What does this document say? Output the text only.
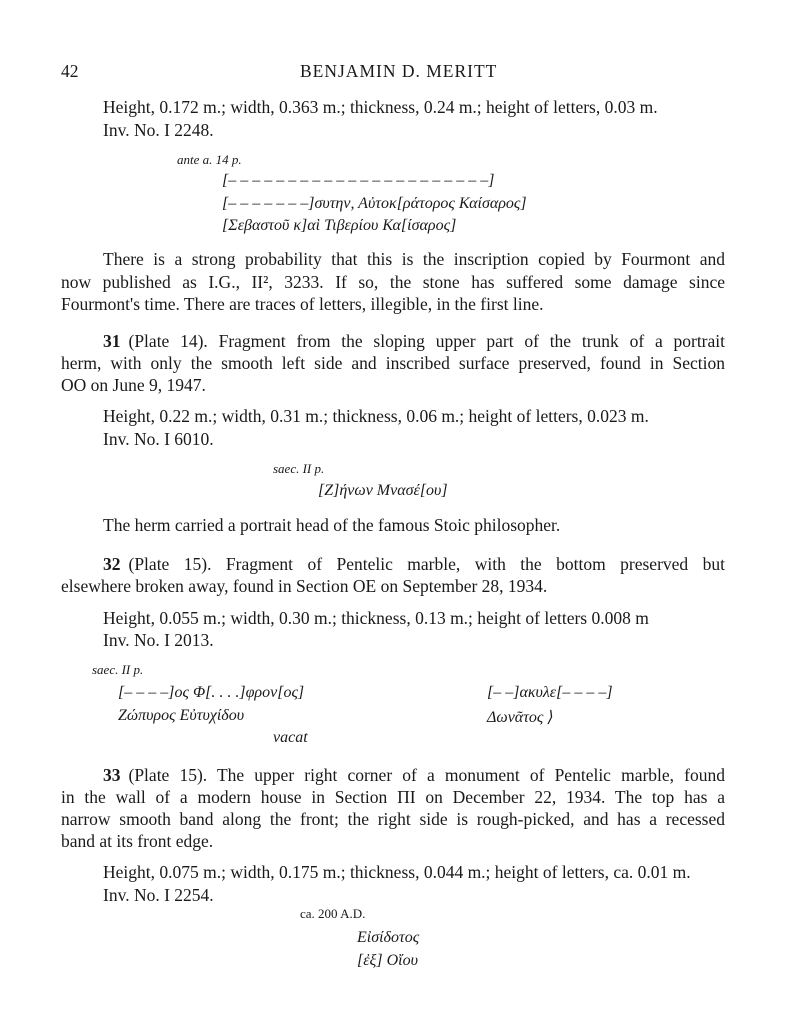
42	BENJAMIN D. MERITT
Height, 0.172 m.; width, 0.363 m.; thickness, 0.24 m.; height of letters, 0.03 m.
Inv. No. I 2248.
ante a. 14 p.
[– – – – – – – – – – – – – – – – – – – – – –]
[– – – – – – –]συτην, Αὐτοκ[ράτορος Καίσαρος]
[Σεβαστοῦ κ]αὶ Τιβερίου Κα[ίσαρος]
There is a strong probability that this is the inscription copied by Fourmont and
now published as I.G., II², 3233. If so, the stone has suffered some damage since
Fourmont's time. There are traces of letters, illegible, in the first line.
31 (Plate 14). Fragment from the sloping upper part of the trunk of a portrait
herm, with only the smooth left side and inscribed surface preserved, found in Section
OO on June 9, 1947.
Height, 0.22 m.; width, 0.31 m.; thickness, 0.06 m.; height of letters, 0.023 m.
Inv. No. I 6010.
saec. II p.
[Ζ]ήνων Μνασέ[ου]
The herm carried a portrait head of the famous Stoic philosopher.
32 (Plate 15). Fragment of Pentelic marble, with the bottom preserved but
elsewhere broken away, found in Section OE on September 28, 1934.
Height, 0.055 m.; width, 0.30 m.; thickness, 0.13 m.; height of letters 0.008 m
Inv. No. I 2013.
saec. II p.
[– – – –]ος Φ[. . . .]φρον[ος]
Ζώπυρος Εὐτυχίδου
[– –]ακυλε[– – – –]
Δωνᾶτος ⟩
vacat
33 (Plate 15). The upper right corner of a monument of Pentelic marble, found
in the wall of a modern house in Section ΠΙ on December 22, 1934. The top has a
narrow smooth band along the front; the right side is rough-picked, and has a recessed
band at its front edge.
Height, 0.075 m.; width, 0.175 m.; thickness, 0.044 m.; height of letters, ca. 0.01 m.
Inv. No. I 2254.
ca. 200 A.D.
Εἰσίδοτος
[ἐξ] Οἴου
